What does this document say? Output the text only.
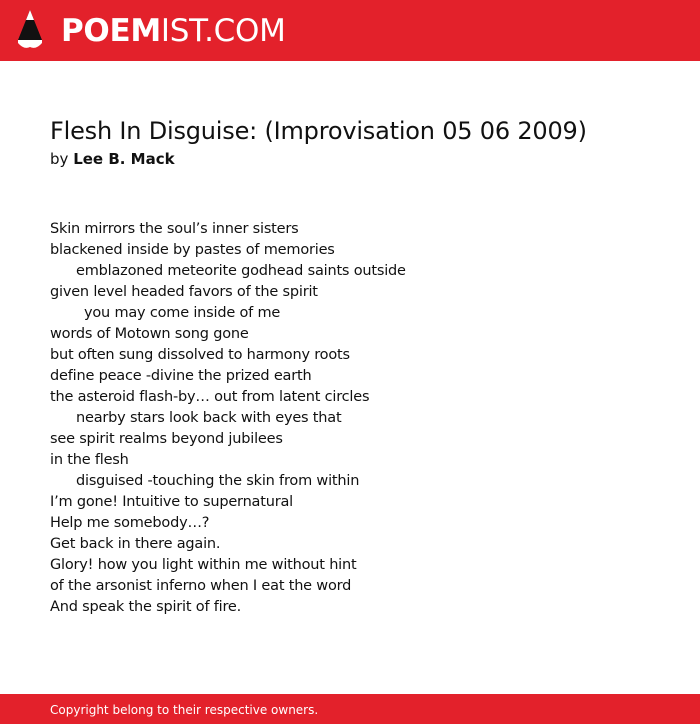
POEMIST.COM
Flesh In Disguise: (Improvisation 05 06 2009)
by Lee B. Mack
Skin mirrors the soul’s inner sisters
blackened inside by pastes of memories
emblazoned meteorite godhead saints outside
given level headed favors of the spirit
you may come inside of me
words of Motown song gone
but often sung dissolved to harmony roots
define peace -divine the prized earth
the asteroid flash-by… out from latent circles
nearby stars look back with eyes that
see spirit realms beyond jubilees
in the flesh
disguised -touching the skin from within
I’m gone! Intuitive to supernatural
Help me somebody…?
Get back in there again.
Glory! how you light within me without hint
of the arsonist inferno when I eat the word
And speak the spirit of fire.
Copyright belong to their respective owners.
